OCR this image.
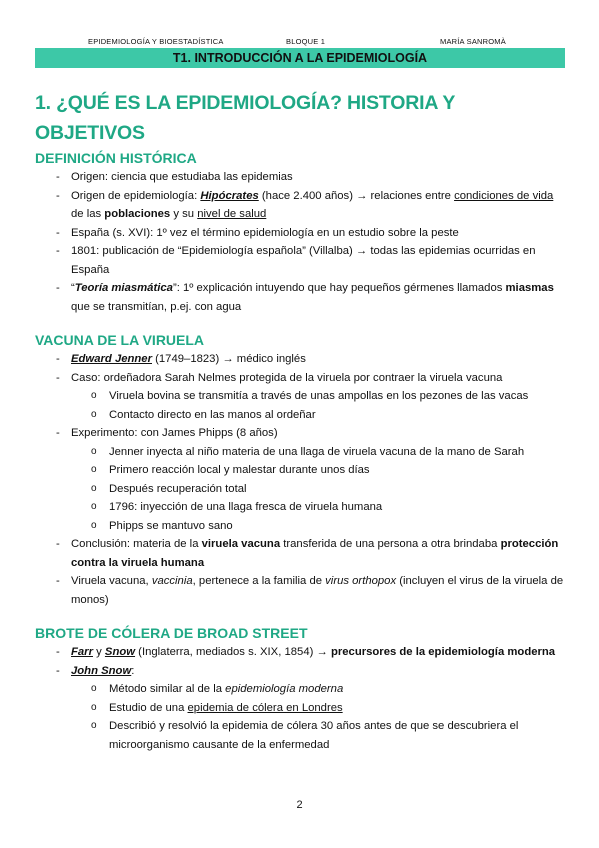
EPIDEMIOLOGÍA Y BIOESTADÍSTICA	BLOQUE 1	MARÍA SANROMÀ
T1. INTRODUCCIÓN A LA EPIDEMIOLOGÍA
1. ¿QUÉ ES LA EPIDEMIOLOGÍA? HISTORIA Y OBJETIVOS
DEFINICIÓN HISTÓRICA
- Origen: ciencia que estudiaba las epidemias
- Origen de epidemiología: Hipócrates (hace 2.400 años) → relaciones entre condiciones de vida de las poblaciones y su nivel de salud
- España (s. XVI): 1º vez el término epidemiología en un estudio sobre la peste
- 1801: publicación de “Epidemiología española” (Villalba) → todas las epidemias ocurridas en España
- “Teoría miasmática”: 1º explicación intuyendo que hay pequeños gérmenes llamados miasmas que se transmitían, p.ej. con agua
VACUNA DE LA VIRUELA
- Edward Jenner (1749–1823) → médico inglés
- Caso: ordeñadora Sarah Nelmes protegida de la viruela por contraer la viruela vacuna
o Viruela bovina se transmitía a través de unas ampollas en los pezones de las vacas
o Contacto directo en las manos al ordeñar
- Experimento: con James Phipps (8 años)
o Jenner inyecta al niño materia de una llaga de viruela vacuna de la mano de Sarah
o Primero reacción local y malestar durante unos días
o Después recuperación total
o 1796: inyección de una llaga fresca de viruela humana
o Phipps se mantuvo sano
- Conclusión: materia de la viruela vacuna transferida de una persona a otra brindaba protección contra la viruela humana
- Viruela vacuna, vaccinia, pertenece a la familia de virus orthopox (incluyen el virus de la viruela de monos)
BROTE DE CÓLERA DE BROAD STREET
- Farr y Snow (Inglaterra, mediados s. XIX, 1854) → precursores de la epidemiología moderna
- John Snow:
o Método similar al de la epidemiología moderna
o Estudio de una epidemia de cólera en Londres
o Describió y resolvió la epidemia de cólera 30 años antes de que se descubriera el microorganismo causante de la enfermedad
2
